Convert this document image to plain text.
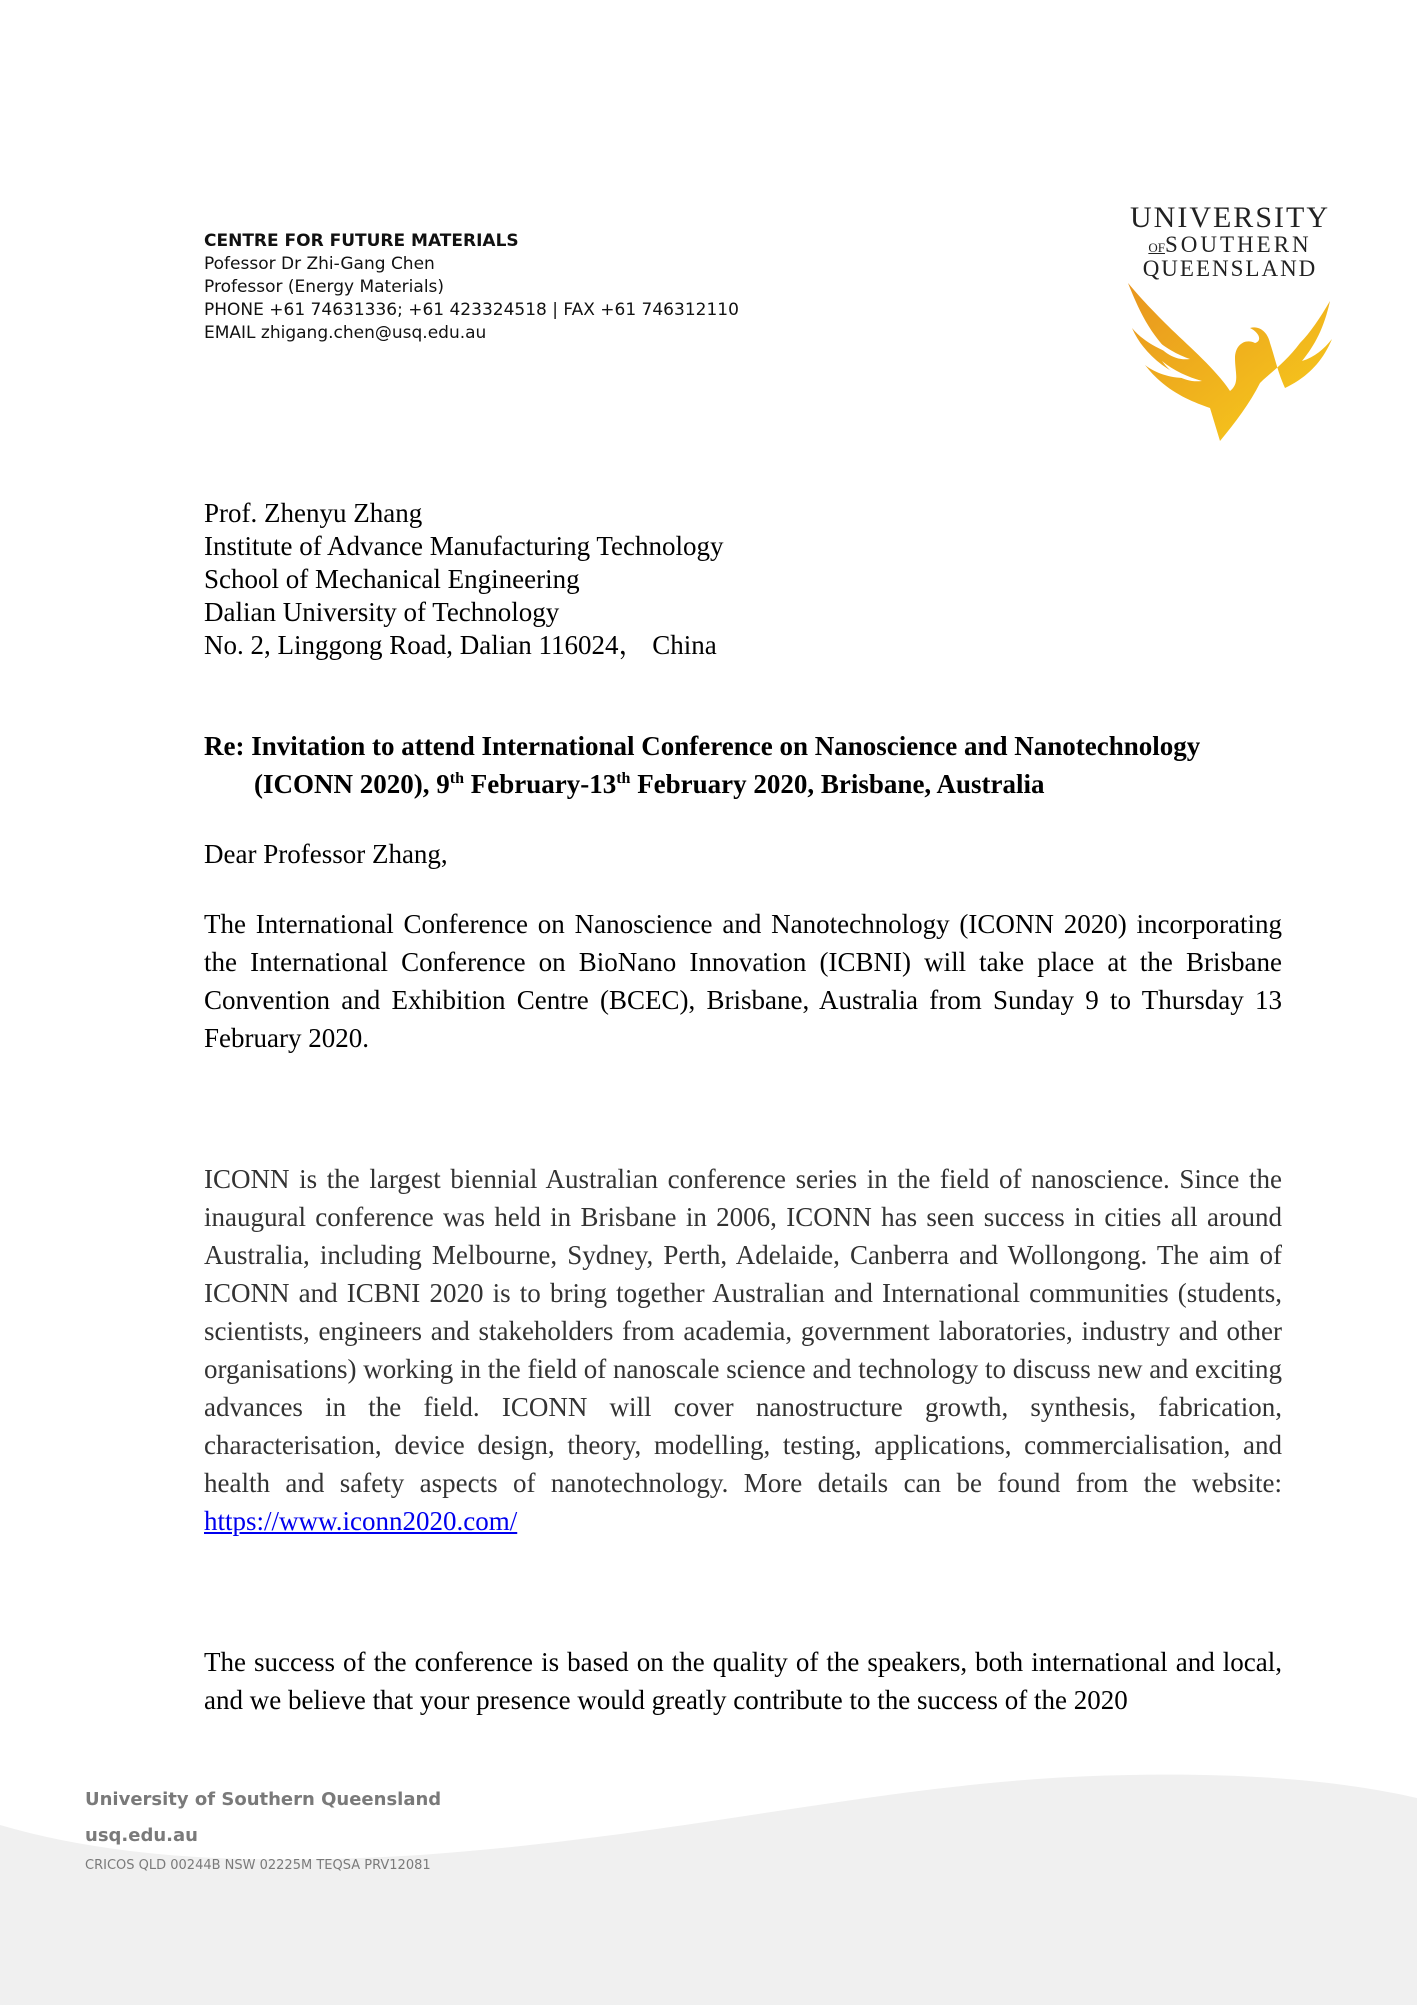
CENTRE FOR FUTURE MATERIALS
Pofessor Dr Zhi-Gang Chen
Professor (Energy Materials)
PHONE +61 74631336; +61 423324518 | FAX +61 746312110
EMAIL zhigang.chen@usq.edu.au
UNIVERSITY
OFSOUTHERN
QUEENSLAND
Prof. Zhenyu Zhang
Institute of Advance Manufacturing Technology
School of Mechanical Engineering
Dalian University of Technology
No. 2, Linggong Road, Dalian 116024， China
Re: Invitation to attend International Conference on Nanoscience and Nanotechnology
(ICONN 2020), 9th February-13th February 2020, Brisbane, Australia
Dear Professor Zhang,
The International Conference on Nanoscience and Nanotechnology (ICONN 2020) incorporating the International Conference on BioNano Innovation (ICBNI) will take place at the Brisbane Convention and Exhibition Centre (BCEC), Brisbane, Australia from Sunday 9 to Thursday 13 February 2020.
ICONN is the largest biennial Australian conference series in the field of nanoscience. Since the inaugural conference was held in Brisbane in 2006, ICONN has seen success in cities all around Australia, including Melbourne, Sydney, Perth, Adelaide, Canberra and Wollongong. The aim of ICONN and ICBNI 2020 is to bring together Australian and International communities (students, scientists, engineers and stakeholders from academia, government laboratories, industry and other organisations) working in the field of nanoscale science and technology to discuss new and exciting advances in the field. ICONN will cover nanostructure growth, synthesis, fabrication, characterisation, device design, theory, modelling, testing, applications, commercialisation, and health and safety aspects of nanotechnology. More details can be found from the website: https://www.iconn2020.com/
The success of the conference is based on the quality of the speakers, both international and local, and we believe that your presence would greatly contribute to the success of the 2020
University of Southern Queensland
usq.edu.au
CRICOS QLD 00244B NSW 02225M TEQSA PRV12081
